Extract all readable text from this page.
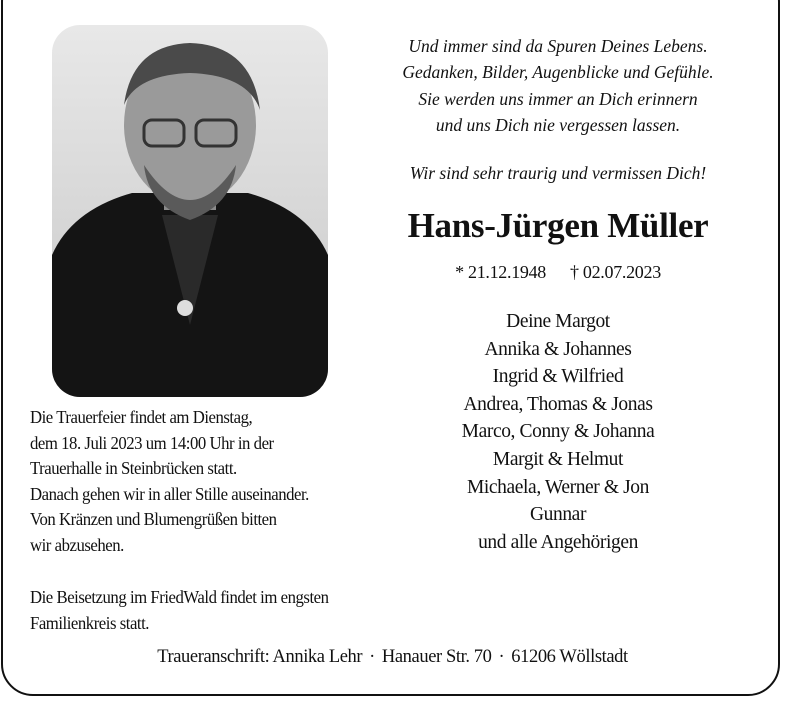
Und immer sind da Spuren Deines Lebens.
Gedanken, Bilder, Augenblicke und Gefühle.
Sie werden uns immer an Dich erinnern
und uns Dich nie vergessen lassen.
Wir sind sehr traurig und vermissen Dich!
Hans-Jürgen Müller
* 21.12.1948 † 02.07.2023
Deine Margot
Annika & Johannes
Ingrid & Wilfried
Andrea, Thomas & Jonas
Marco, Conny & Johanna
Margit & Helmut
Michaela, Werner & Jon
Gunnar
und alle Angehörigen
Die Trauerfeier findet am Dienstag,
dem 18. Juli 2023 um 14:00 Uhr in der
Trauerhalle in Steinbrücken statt.
Danach gehen wir in aller Stille auseinander.
Von Kränzen und Blumengrüßen bitten
wir abzusehen.
Die Beisetzung im FriedWald findet im engsten
Familienkreis statt.
Traueranschrift: Annika Lehr · Hanauer Str. 70 · 61206 Wöllstadt
